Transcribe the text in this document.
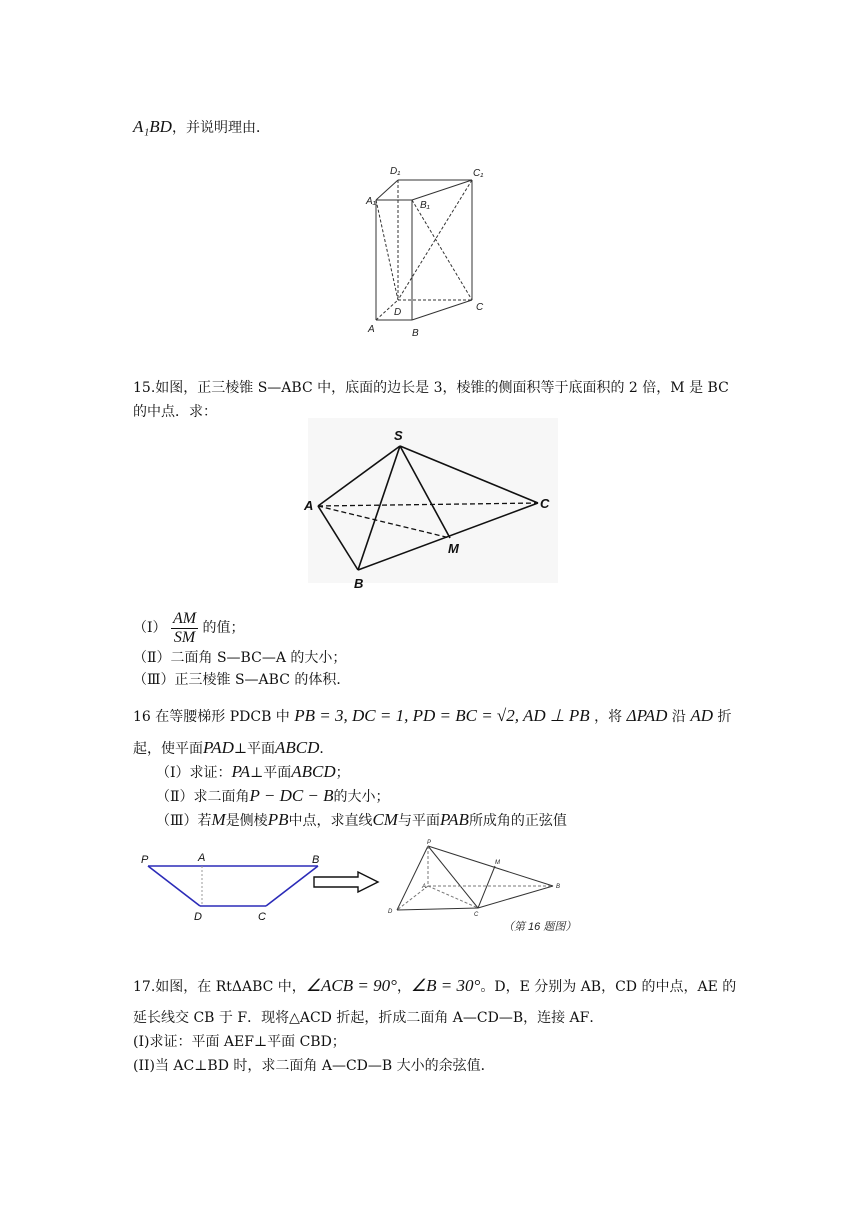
A₁BD，并说明理由．
D₁	C₁
A₁	B₁
D	C
A	B
15.如图，正三棱锥 S—ABC 中，底面的边长是 3，棱锥的侧面积等于底面积的 2 倍，M 是 BC
的中点．求：
S
A	C
B
M
（Ⅰ） $\frac{AM}{SM}$ 的值；
（Ⅱ）二面角 S—BC—A 的大小；
（Ⅲ）正三棱锥 S—ABC 的体积．
16 在等腰梯形 PDCB 中 PB = 3, DC = 1, PD = BC = √2, AD ⊥ PB ，将 ΔPAD 沿 AD 折
起，使平面PAD⊥平面ABCD．
（Ⅰ）求证：PA⊥平面ABCD；
（Ⅱ）求二面角P − DC − B的大小；
（Ⅲ）若M是侧棱PB中点，求直线CM与平面PAB所成角的正弦值
P	A	B
D	C
P
M
A	B
D	C
（第 16 题图）
17.如图，在 RtΔABC 中，∠ACB = 90°，∠B = 30°。D，E 分别为 AB，CD 的中点，AE 的
延长线交 CB 于 F．现将△ACD 折起，折成二面角 A—CD—B，连接 AF．
(I)求证：平面 AEF⊥平面 CBD；
(II)当 AC⊥BD 时，求二面角 A—CD—B 大小的余弦值．
